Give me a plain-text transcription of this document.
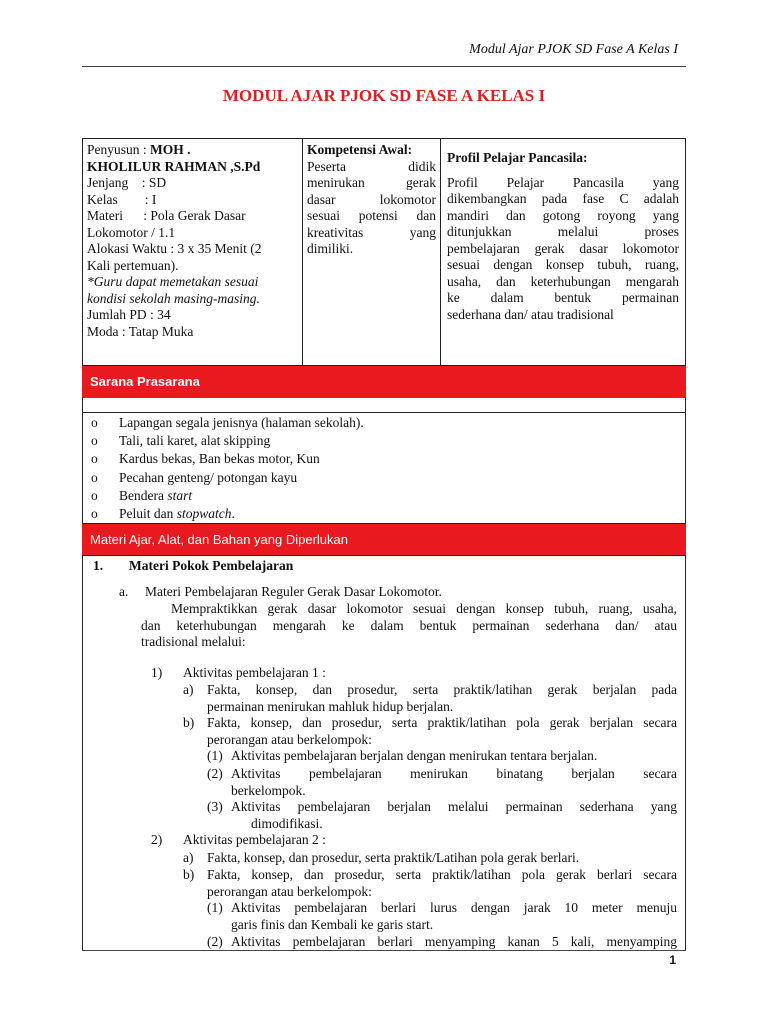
Modul Ajar PJOK SD Fase A Kelas I
MODUL AJAR PJOK SD FASE A KELAS I
Penyusun : MOH .
KHOLILUR RAHMAN ,S.Pd
Jenjang    : SD
Kelas        : I
Materi      : Pola Gerak Dasar
Lokomotor / 1.1
Alokasi Waktu : 3 x 35 Menit (2
Kali pertemuan).
*Guru dapat memetakan sesuai
kondisi sekolah masing-masing.
Jumlah PD : 34
Moda : Tatap Muka
Kompetensi Awal:
Peserta didik
menirukan gerak
dasar lokomotor
sesuai potensi dan
kreativitas yang
dimiliki.
Profil Pelajar Pancasila:
Profil Pelajar Pancasila yang
dikembangkan pada fase C adalah
mandiri dan gotong royong yang
ditunjukkan melalui proses
pembelajaran gerak dasar lokomotor
sesuai dengan konsep tubuh, ruang,
usaha, dan keterhubungan mengarah
ke dalam bentuk permainan
sederhana dan/ atau tradisional
Sarana Prasarana
o Lapangan segala jenisnya (halaman sekolah).
o Tali, tali karet, alat skipping
o Kardus bekas, Ban bekas motor, Kun
o Pecahan genteng/ potongan kayu
o Bendera start
o Peluit dan stopwatch.
Materi Ajar, Alat, dan Bahan yang Diperlukan
1. Materi Pokok Pembelajaran
a. Materi Pembelajaran Reguler Gerak Dasar Lokomotor.
Mempraktikkan gerak dasar lokomotor sesuai dengan konsep tubuh, ruang, usaha,
dan keterhubungan mengarah ke dalam bentuk permainan sederhana dan/ atau
tradisional melalui:
1) Aktivitas pembelajaran 1 :
a) Fakta, konsep, dan prosedur, serta praktik/latihan gerak berjalan pada
permainan menirukan mahluk hidup berjalan.
b) Fakta, konsep, dan prosedur, serta praktik/latihan pola gerak berjalan secara
perorangan atau berkelompok:
(1) Aktivitas pembelajaran berjalan dengan menirukan tentara berjalan.
(2) Aktivitas pembelajaran menirukan binatang berjalan secara
berkelompok.
(3) Aktivitas pembelajaran berjalan melalui permainan sederhana yang
dimodifikasi.
2) Aktivitas pembelajaran 2 :
a) Fakta, konsep, dan prosedur, serta praktik/Latihan pola gerak berlari.
b) Fakta, konsep, dan prosedur, serta praktik/latihan pola gerak berlari secara
perorangan atau berkelompok:
(1) Aktivitas pembelajaran berlari lurus dengan jarak 10 meter menuju
garis finis dan Kembali ke garis start.
(2) Aktivitas pembelajaran berlari menyamping kanan 5 kali, menyamping
1
